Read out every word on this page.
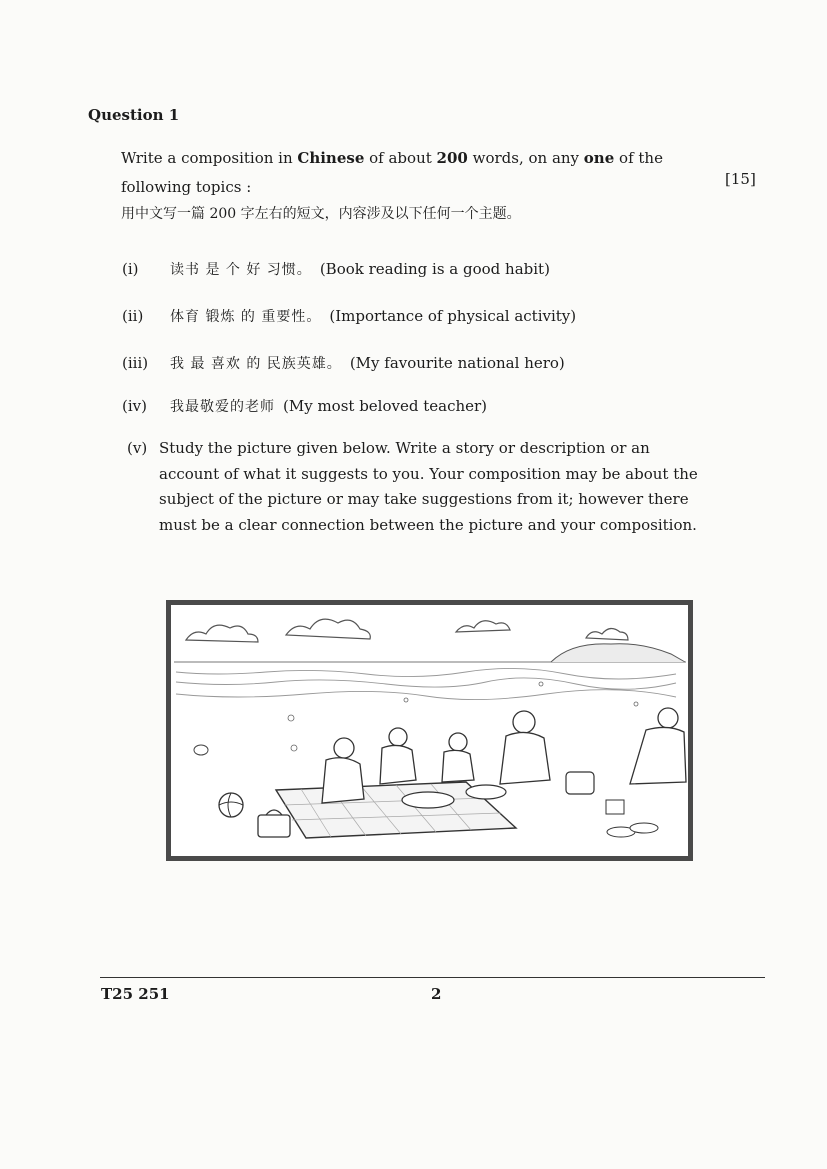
Question 1
Write a composition in Chinese of about 200 words, on any one of the following topics :	[15]
用中文写一篇 200 字左右的短文，内容涉及以下任何一个主题。
(i) 读书 是 个 好 习惯。 (Book reading is a good habit)
(ii) 体育 锻炼 的 重要性。 (Importance of physical activity)
(iii) 我 最 喜欢 的 民族英雄。 (My favourite national hero)
(iv) 我最敬爱的老师 (My most beloved teacher)
(v) Study the picture given below. Write a story or description or an account of what it suggests to you. Your composition may be about the subject of the picture or may take suggestions from it; however there must be a clear connection between the picture and your composition.
T25 251	2
